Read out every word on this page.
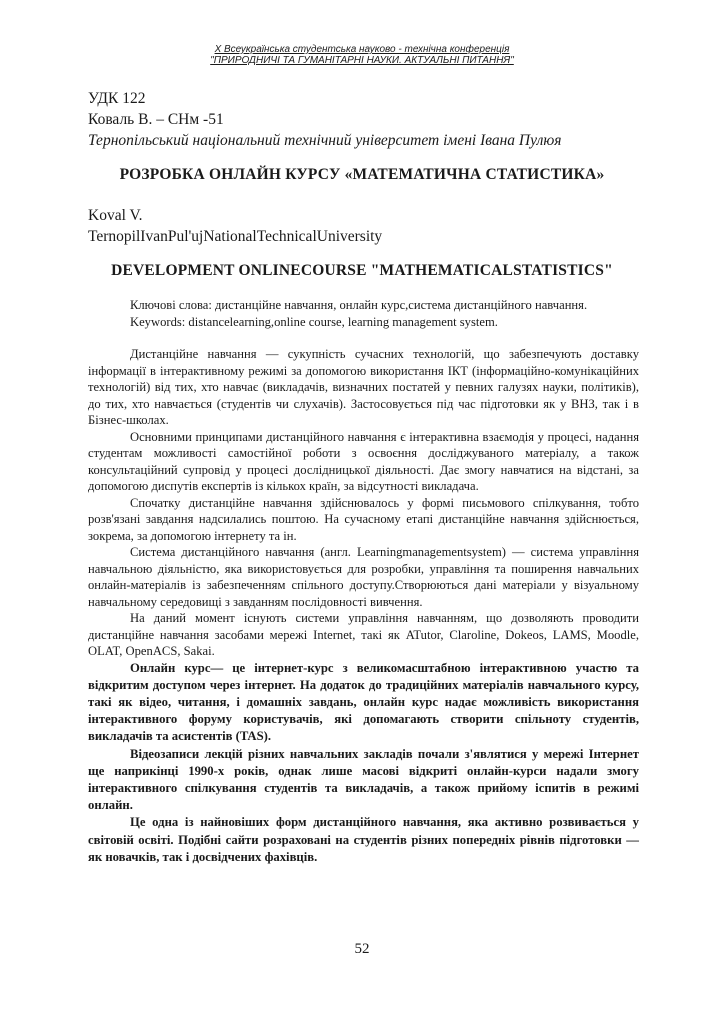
X Всеукраїнська студентська науково - технічна конференція
"ПРИРОДНИЧІ ТА ГУМАНІТАРНІ НАУКИ. АКТУАЛЬНІ ПИТАННЯ"
УДК 122
Коваль В. – СНм -51
Тернопільський національний технічний університет імені Івана Пулюя
РОЗРОБКА ОНЛАЙН КУРСУ «МАТЕМАТИЧНА СТАТИСТИКА»
Koval V.
TernopilIvanPul'ujNationalTechnicalUniversity
DEVELOPMENT ONLINECOURSE "MATHEMATICALSTATISTICS"

Ключові слова: дистанційне навчання, онлайн курс,система дистанційного навчання.

Keywords: distancelearning,online course, learning management system.

Дистанційне навчання — сукупність сучасних технологій, що забезпечують доставку інформації в інтерактивному режимі за допомогою використання ІКТ (інформаційно-комунікаційних технологій) від тих, хто навчає (викладачів, визначних постатей у певних галузях науки, політиків), до тих, хто навчається (студентів чи слухачів). Застосовується під час підготовки як у ВНЗ, так і в Бізнес-школах.

Основними принципами дистанційного навчання є інтерактивна взаємодія у процесі, надання студентам можливості самостійної роботи з освоєння досліджуваного матеріалу, а також консультаційний супровід у процесі дослідницької діяльності. Дає змогу навчатися на відстані, за допомогою диспутів експертів із кількох країн, за відсутності викладача.

Спочатку дистанційне навчання здійснювалось у формі письмового спілкування, тобто розв'язані завдання надсилались поштою. На сучасному етапі дистанційне навчання здійснюється, зокрема, за допомогою інтернету та ін.

Система дистанційного навчання (англ. Learningmanagementsystem) — система управління навчальною діяльністю, яка використовується для розробки, управління та поширення навчальних онлайн-матеріалів із забезпеченням спільного доступу.Створюються дані матеріали у візуальному навчальному середовищі з завданням послідовності вивчення.

На даний момент існують системи управління навчанням, що дозволяють проводити дистанційне навчання засобами мережі Internet, такі як ATutor, Claroline, Dokeos, LAMS, Moodle, OLAT, OpenACS, Sakai.

Онлайн курс— це інтернет-курс з великомасштабною інтерактивною участю та відкритим доступом через інтернет. На додаток до традиційних матеріалів навчального курсу, такі як відео, читання, і домашніх завдань, онлайн курс надає можливість використання інтерактивного форуму користувачів, які допомагають створити спільноту студентів, викладачів та асистентів (TAS).

Відеозаписи лекцій різних навчальних закладів почали з'являтися у мережі Інтернет ще наприкінці 1990-х років, однак лише масові відкриті онлайн-курси надали змогу інтерактивного спілкування студентів та викладачів, а також прийому іспитів в режимі онлайн.

Це одна із найновіших форм дистанційного навчання, яка активно розвивається у світовій освіті. Подібні сайти розраховані на студентів різних попередніх рівнів підготовки — як новачків, так і досвідчених фахівців.

52
